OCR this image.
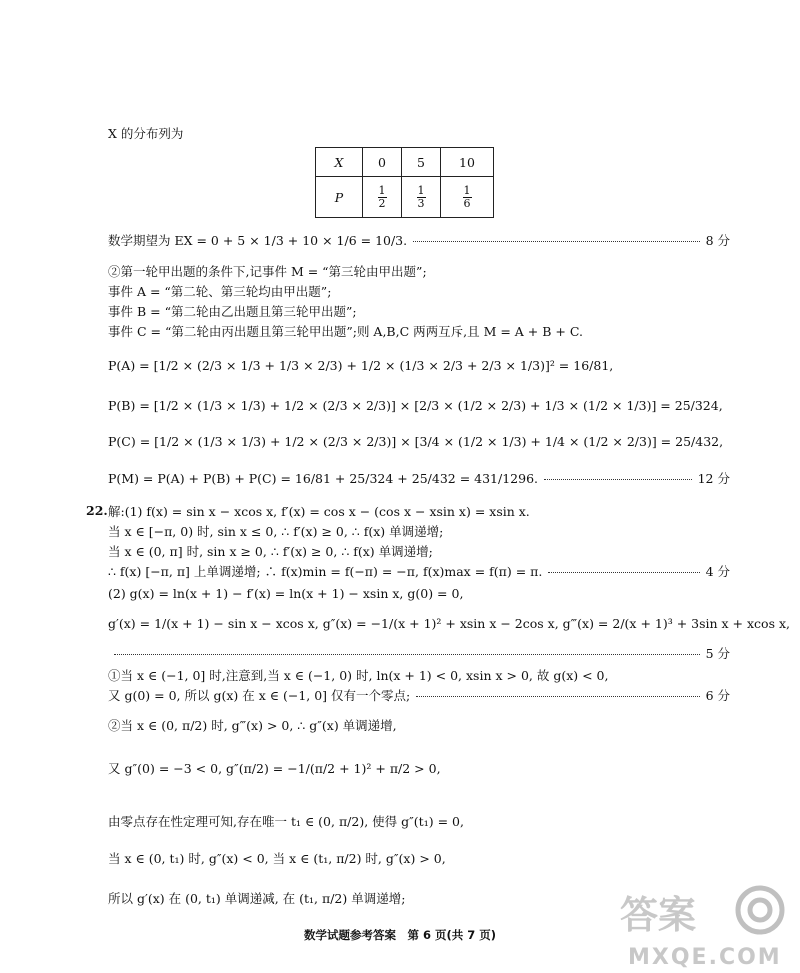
X 的分布列为
X	0	5	10
P	$\frac{1}{2}$	$\frac{1}{3}$	$\frac{1}{6}$
数学期望为 EX = 0 + 5 × 1/3 + 10 × 1/6 = 10/3.	8 分
②第一轮甲出题的条件下,记事件 M = “第三轮由甲出题”;
事件 A = “第二轮、第三轮均由甲出题”;
事件 B = “第二轮由乙出题且第三轮甲出题”;
事件 C = “第二轮由丙出题且第三轮甲出题”;则 A,B,C 两两互斥,且 M = A + B + C.
P(A) = [1/2 × (2/3 × 1/3 + 1/3 × 2/3) + 1/2 × (1/3 × 2/3 + 2/3 × 1/3)]² = 16/81,
P(B) = [1/2 × (1/3 × 1/3) + 1/2 × (2/3 × 2/3)] × [2/3 × (1/2 × 2/3) + 1/3 × (1/2 × 1/3)] = 25/324,
P(C) = [1/2 × (1/3 × 1/3) + 1/2 × (2/3 × 2/3)] × [3/4 × (1/2 × 1/3) + 1/4 × (1/2 × 2/3)] = 25/432,
P(M) = P(A) + P(B) + P(C) = 16/81 + 25/324 + 25/432 = 431/1296.	12 分
22. 解:(1) f(x) = sin x − xcos x, f′(x) = cos x − (cos x − xsin x) = xsin x.
当 x ∈ [−π, 0) 时, sin x ≤ 0, ∴ f′(x) ≥ 0, ∴ f(x) 单调递增;
当 x ∈ (0, π] 时, sin x ≥ 0, ∴ f′(x) ≥ 0, ∴ f(x) 单调递增;
∴ f(x) [−π, π] 上单调递增; ∴ f(x)min = f(−π) = −π, f(x)max = f(π) = π.	4 分
(2) g(x) = ln(x + 1) − f′(x) = ln(x + 1) − xsin x, g(0) = 0,
g′(x) = 1/(x + 1) − sin x − xcos x, g″(x) = −1/(x + 1)² + xsin x − 2cos x, g‴(x) = 2/(x + 1)³ + 3sin x + xcos x,
5 分
①当 x ∈ (−1, 0] 时,注意到,当 x ∈ (−1, 0) 时, ln(x + 1) < 0, xsin x > 0, 故 g(x) < 0,
又 g(0) = 0, 所以 g(x) 在 x ∈ (−1, 0] 仅有一个零点;	6 分
②当 x ∈ (0, π/2) 时, g‴(x) > 0, ∴ g″(x) 单调递增,
又 g″(0) = −3 < 0, g″(π/2) = −1/(π/2 + 1)² + π/2 > 0,
由零点存在性定理可知,存在唯一 t₁ ∈ (0, π/2), 使得 g″(t₁) = 0,
当 x ∈ (0, t₁) 时, g″(x) < 0, 当 x ∈ (t₁, π/2) 时, g″(x) > 0,
所以 g′(x) 在 (0, t₁) 单调递减, 在 (t₁, π/2) 单调递增;
数学试题参考答案　第 6 页(共 7 页)	答案
MXQE.COM
